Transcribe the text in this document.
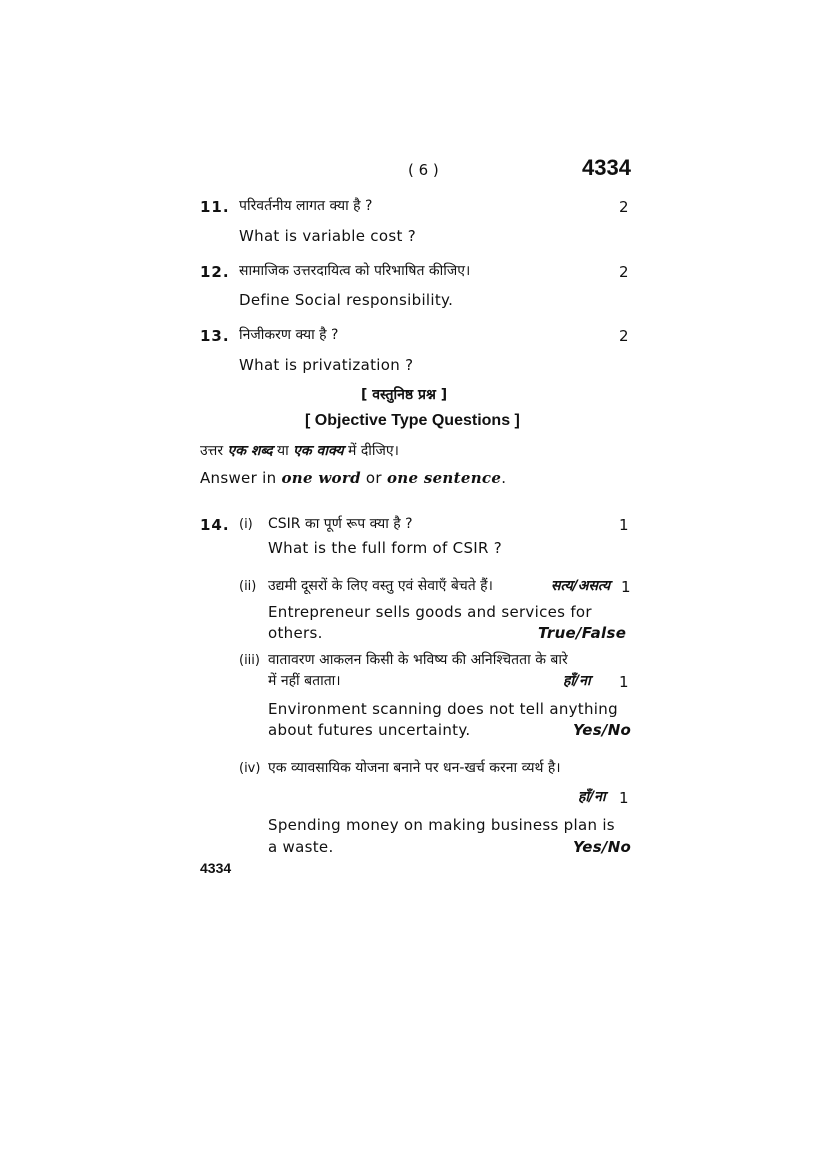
( 6 )	4334
11. परिवर्तनीय लागत क्या है ?	2
What is variable cost ?
12. सामाजिक उत्तरदायित्व को परिभाषित कीजिए।	2
Define Social responsibility.
13. निजीकरण क्या है ?	2
What is privatization ?
[ वस्तुनिष्ठ प्रश्न ]
[ Objective Type Questions ]
उत्तर एक शब्द या एक वाक्य में दीजिए।
Answer in one word or one sentence.
14. (i) CSIR का पूर्ण रूप क्या है ?	1
What is the full form of CSIR ?
(ii) उद्यमी दूसरों के लिए वस्तु एवं सेवाएँ बेचते हैं।	सत्य/असत्य 1
Entrepreneur sells goods and services for
others.	True/False
(iii) वातावरण आकलन किसी के भविष्य की अनिश्चितता के बारे
में नहीं बताता।	हाँ/ना 1
Environment scanning does not tell anything
about futures uncertainty.	Yes/No
(iv) एक व्यावसायिक योजना बनाने पर धन-खर्च करना व्यर्थ है।
हाँ/ना 1
Spending money on making business plan is
a waste.	Yes/No
4334
